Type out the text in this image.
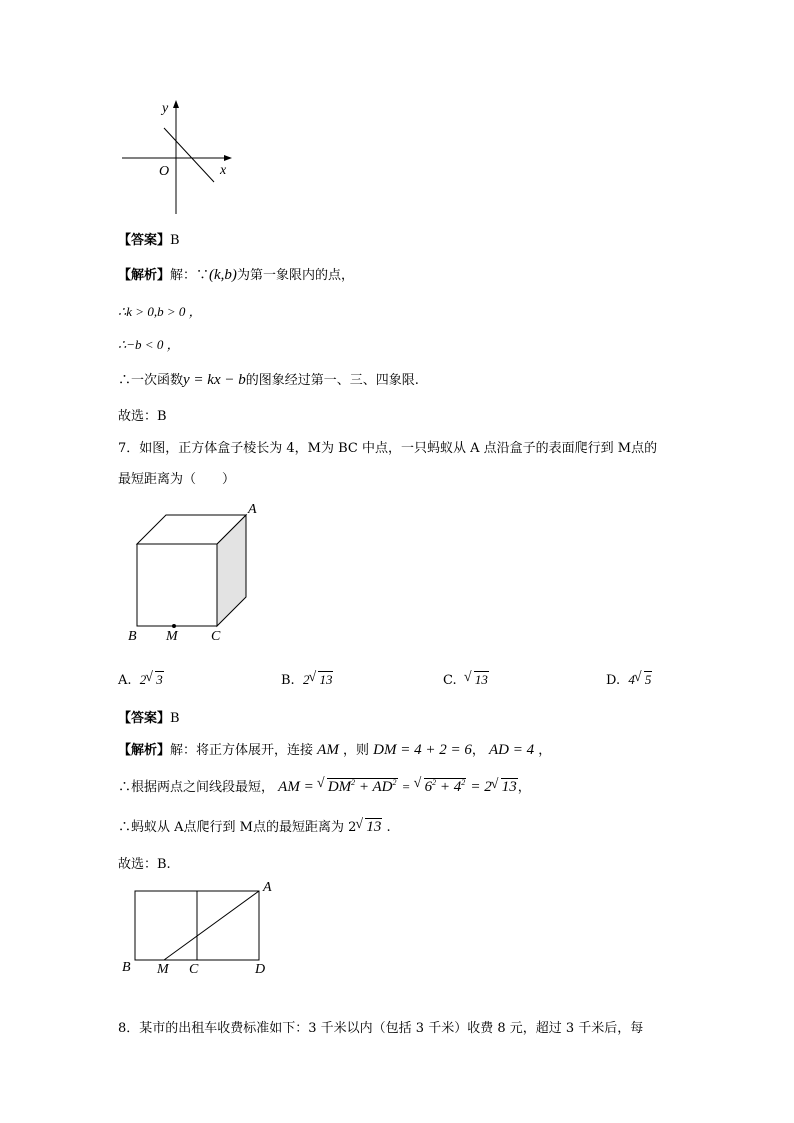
y
x
O
【答案】B
【解析】解：∵(k,b)为第一象限内的点，
∴k > 0,b > 0 ，
∴−b < 0 ，
∴一次函数y = kx − b的图象经过第一、三、四象限.
故选：B
7．如图，正方体盒子棱长为 4，M为 BC 中点，一只蚂蚁从 A 点沿盒子的表面爬行到 M点的
最短距离为（　　）
A
B M C
A. 2√ 3	B. 2√ 13	C.  √ 13	D. 4√ 5
【答案】B
【解析】解：将正方体展开，连接 AM ，则 DM = 4 + 2 = 6， AD = 4 ，
∴根据两点之间线段最短， AM = √ $DM^2 + AD^2$ = √ $6^2 + 4^2 = 2√$ 13，
∴蚂蚁从 A点爬行到 M点的最短距离为 2√ 13 .
故选：B.
A
B M C	D
8．某市的出租车收费标准如下：3 千米以内（包括 3 千米）收费 8 元，超过 3 千米后，每
